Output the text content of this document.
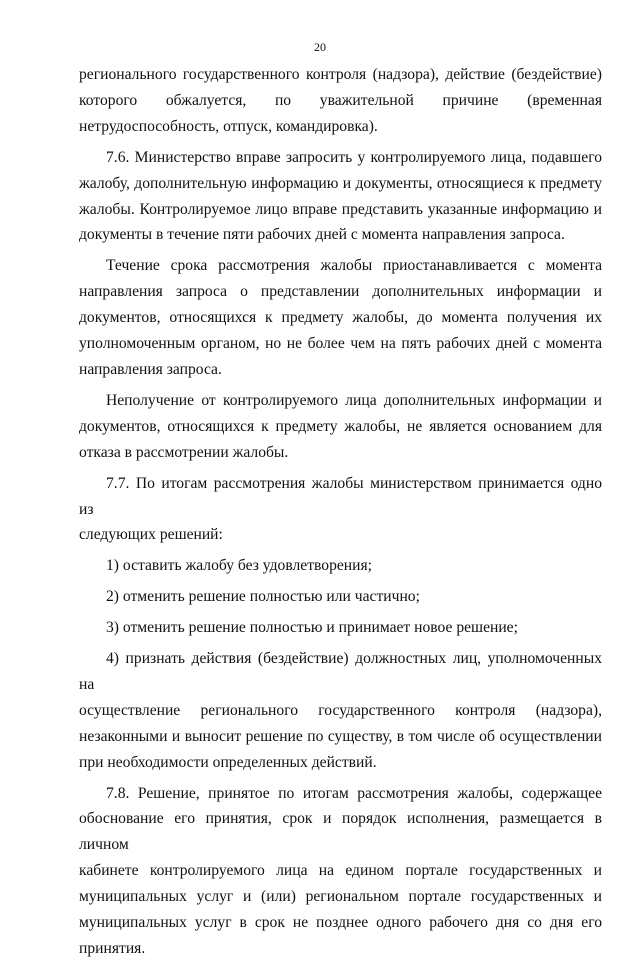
20
регионального государственного контроля (надзора), действие (бездействие)
которого обжалуется, по уважительной причине (временная
нетрудоспособность, отпуск, командировка).
7.6. Министерство вправе запросить у контролируемого лица, подавшего
жалобу, дополнительную информацию и документы, относящиеся к предмету
жалобы. Контролируемое лицо вправе представить указанные информацию и
документы в течение пяти рабочих дней с момента направления запроса.
Течение срока рассмотрения жалобы приостанавливается с момента
направления запроса о представлении дополнительных информации и
документов, относящихся к предмету жалобы, до момента получения их
уполномоченным органом, но не более чем на пять рабочих дней с момента
направления запроса.
Неполучение от контролируемого лица дополнительных информации и
документов, относящихся к предмету жалобы, не является основанием для
отказа в рассмотрении жалобы.
7.7. По итогам рассмотрения жалобы министерством принимается одно из
следующих решений:
1) оставить жалобу без удовлетворения;
2) отменить решение полностью или частично;
3) отменить решение полностью и принимает новое решение;
4) признать действия (бездействие) должностных лиц, уполномоченных на
осуществление регионального государственного контроля (надзора),
незаконными и выносит решение по существу, в том числе об осуществлении
при необходимости определенных действий.
7.8. Решение, принятое по итогам рассмотрения жалобы, содержащее
обоснование его принятия, срок и порядок исполнения, размещается в личном
кабинете контролируемого лица на едином портале государственных и
муниципальных услуг и (или) региональном портале государственных и
муниципальных услуг в срок не позднее одного рабочего дня со дня его
принятия.
